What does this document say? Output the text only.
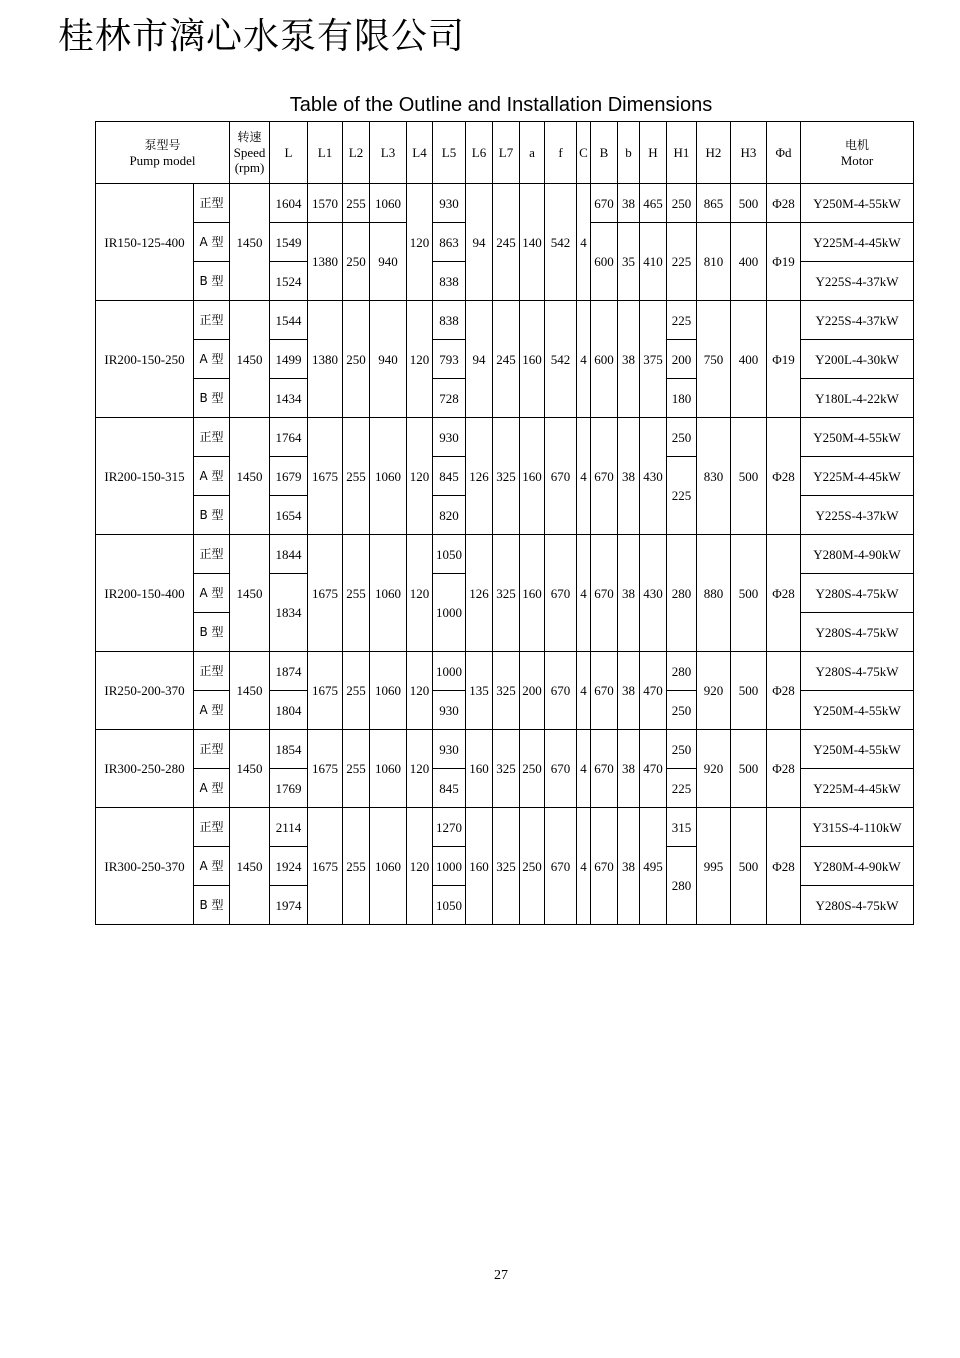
桂林市漓心水泵有限公司
Table of the Outline and Installation Dimensions
泵型号
Pump model		转速
Speed
(rpm)	L	L1	L2	L3	L4	L5	L6	L7	a	f	C	B	b	H	H1	H2	H3	Φd	电机
Motor

IR150-125-400	正型	1450	1604	1570	255	1060	120	930	94	245	140	542	4	670	38	465	250	865	500	Φ28	Y250M-4-55kW
	A 型		1549	1380	250	940		863						600	35	410	225	810	400	Φ19	Y225M-4-45kW
	B 型		1524					838													Y225S-4-37kW
IR200-150-250	正型	1450	1544	1380	250	940	120	838	94	245	160	542	4	600	38	375	225	750	400	Φ19	Y225S-4-37kW
	A 型		1499					793									200				Y200L-4-30kW
	B 型		1434					728									180				Y180L-4-22kW
IR200-150-315	正型	1450	1764	1675	255	1060	120	930	126	325	160	670	4	670	38	430	250	830	500	Φ28	Y250M-4-55kW
	A 型		1679					845									225				Y225M-4-45kW
	B 型		1654					820													Y225S-4-37kW
IR200-150-400	正型	1450	1844	1675	255	1060	120	1050	126	325	160	670	4	670	38	430	280	880	500	Φ28	Y280M-4-90kW
	A 型		1834					1000													Y280S-4-75kW
	B 型																				Y280S-4-75kW
IR250-200-370	正型	1450	1874	1675	255	1060	120	1000	135	325	200	670	4	670	38	470	280	920	500	Φ28	Y280S-4-75kW
	A 型		1804					930									250				Y250M-4-55kW
IR300-250-280	正型	1450	1854	1675	255	1060	120	930	160	325	250	670	4	670	38	470	250	920	500	Φ28	Y250M-4-55kW
	A 型		1769					845									225				Y225M-4-45kW
IR300-250-370	正型	1450	2114	1675	255	1060	120	1270	160	325	250	670	4	670	38	495	315	995	500	Φ28	Y315S-4-110kW
	A 型		1924					1000									280				Y280M-4-90kW
	B 型		1974					1050													Y280S-4-75kW
27
